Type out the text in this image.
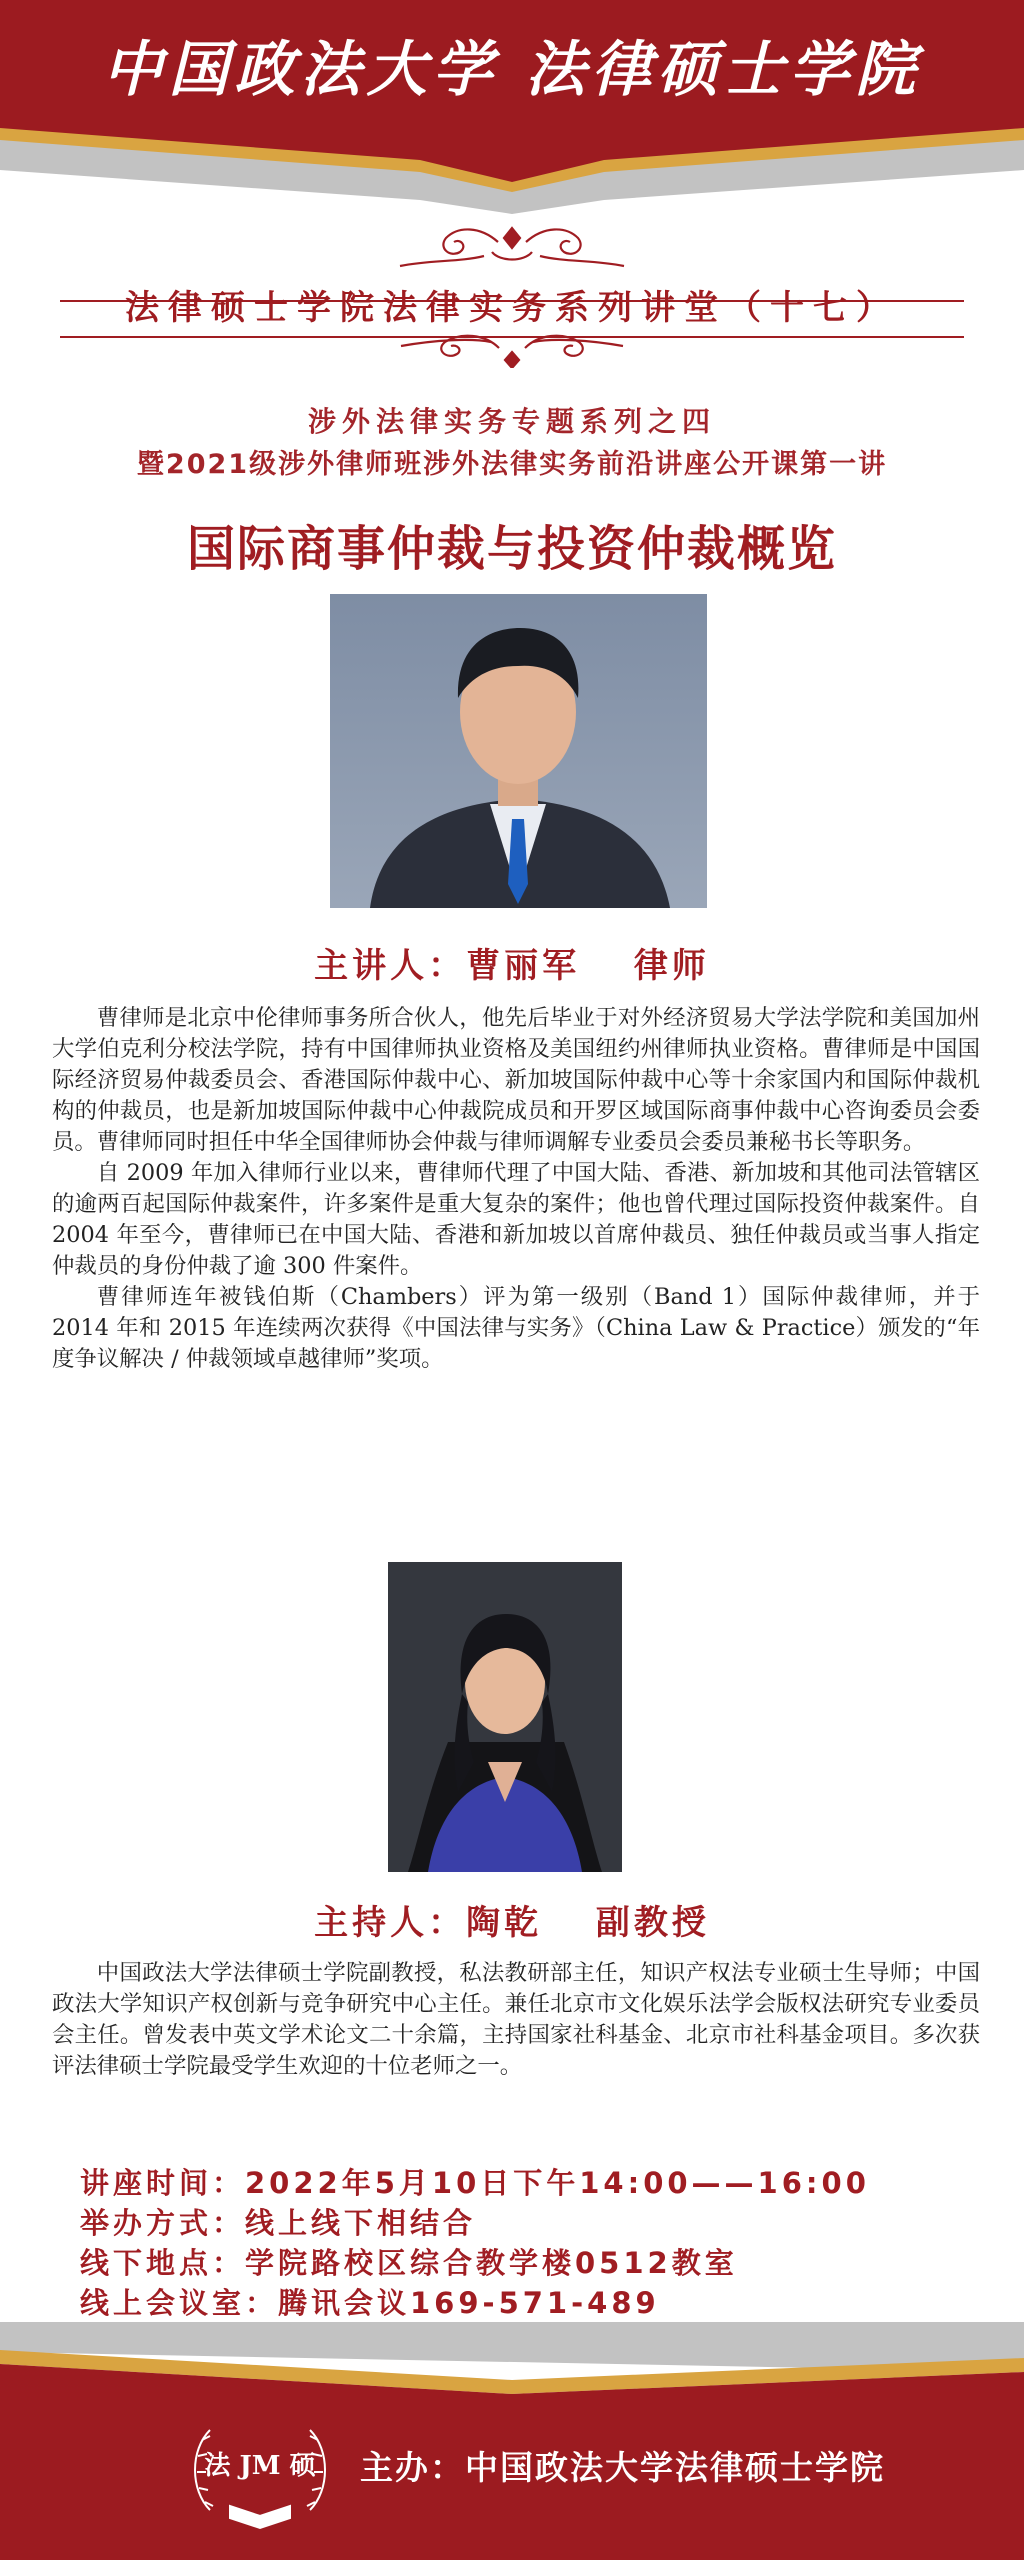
中国政法大学 法律硕士学院
法律硕士学院法律实务系列讲堂（十七）
涉外法律实务专题系列之四
暨2021级涉外律师班涉外法律实务前沿讲座公开课第一讲
国际商事仲裁与投资仲裁概览
主讲人：曹丽军　 律师

曹律师是北京中伦律师事务所合伙人，他先后毕业于对外经济贸易大学法学院和美国加州大学伯克利分校法学院，持有中国律师执业资格及美国纽约州律师执业资格。曹律师是中国国际经济贸易仲裁委员会、香港国际仲裁中心、新加坡国际仲裁中心等十余家国内和国际仲裁机构的仲裁员，也是新加坡国际仲裁中心仲裁院成员和开罗区域国际商事仲裁中心咨询委员会委员。曹律师同时担任中华全国律师协会仲裁与律师调解专业委员会委员兼秘书长等职务。

自 2009 年加入律师行业以来，曹律师代理了中国大陆、香港、新加坡和其他司法管辖区的逾两百起国际仲裁案件，许多案件是重大复杂的案件；他也曾代理过国际投资仲裁案件。自 2004 年至今，曹律师已在中国大陆、香港和新加坡以首席仲裁员、独任仲裁员或当事人指定仲裁员的身份仲裁了逾 300 件案件。

曹律师连年被钱伯斯（Chambers）评为第一级别（Band 1）国际仲裁律师，并于 2014 年和 2015 年连续两次获得《中国法律与实务》（China Law & Practice）颁发的“年度争议解决 / 仲裁领域卓越律师”奖项。

主持人：陶乾　 副教授

中国政法大学法律硕士学院副教授，私法教研部主任，知识产权法专业硕士生导师；中国政法大学知识产权创新与竞争研究中心主任。兼任北京市文化娱乐法学会版权法研究专业委员会主任。曾发表中英文学术论文二十余篇，主持国家社科基金、北京市社科基金项目。多次获评法律硕士学院最受学生欢迎的十位老师之一。

讲座时间：2022年5月10日下午14:00——16:00
举办方式：线上线下相结合
线下地点：学院路校区综合教学楼0512教室
线上会议室：腾讯会议169-571-489
法 JM 硕 主办：中国政法大学法律硕士学院
